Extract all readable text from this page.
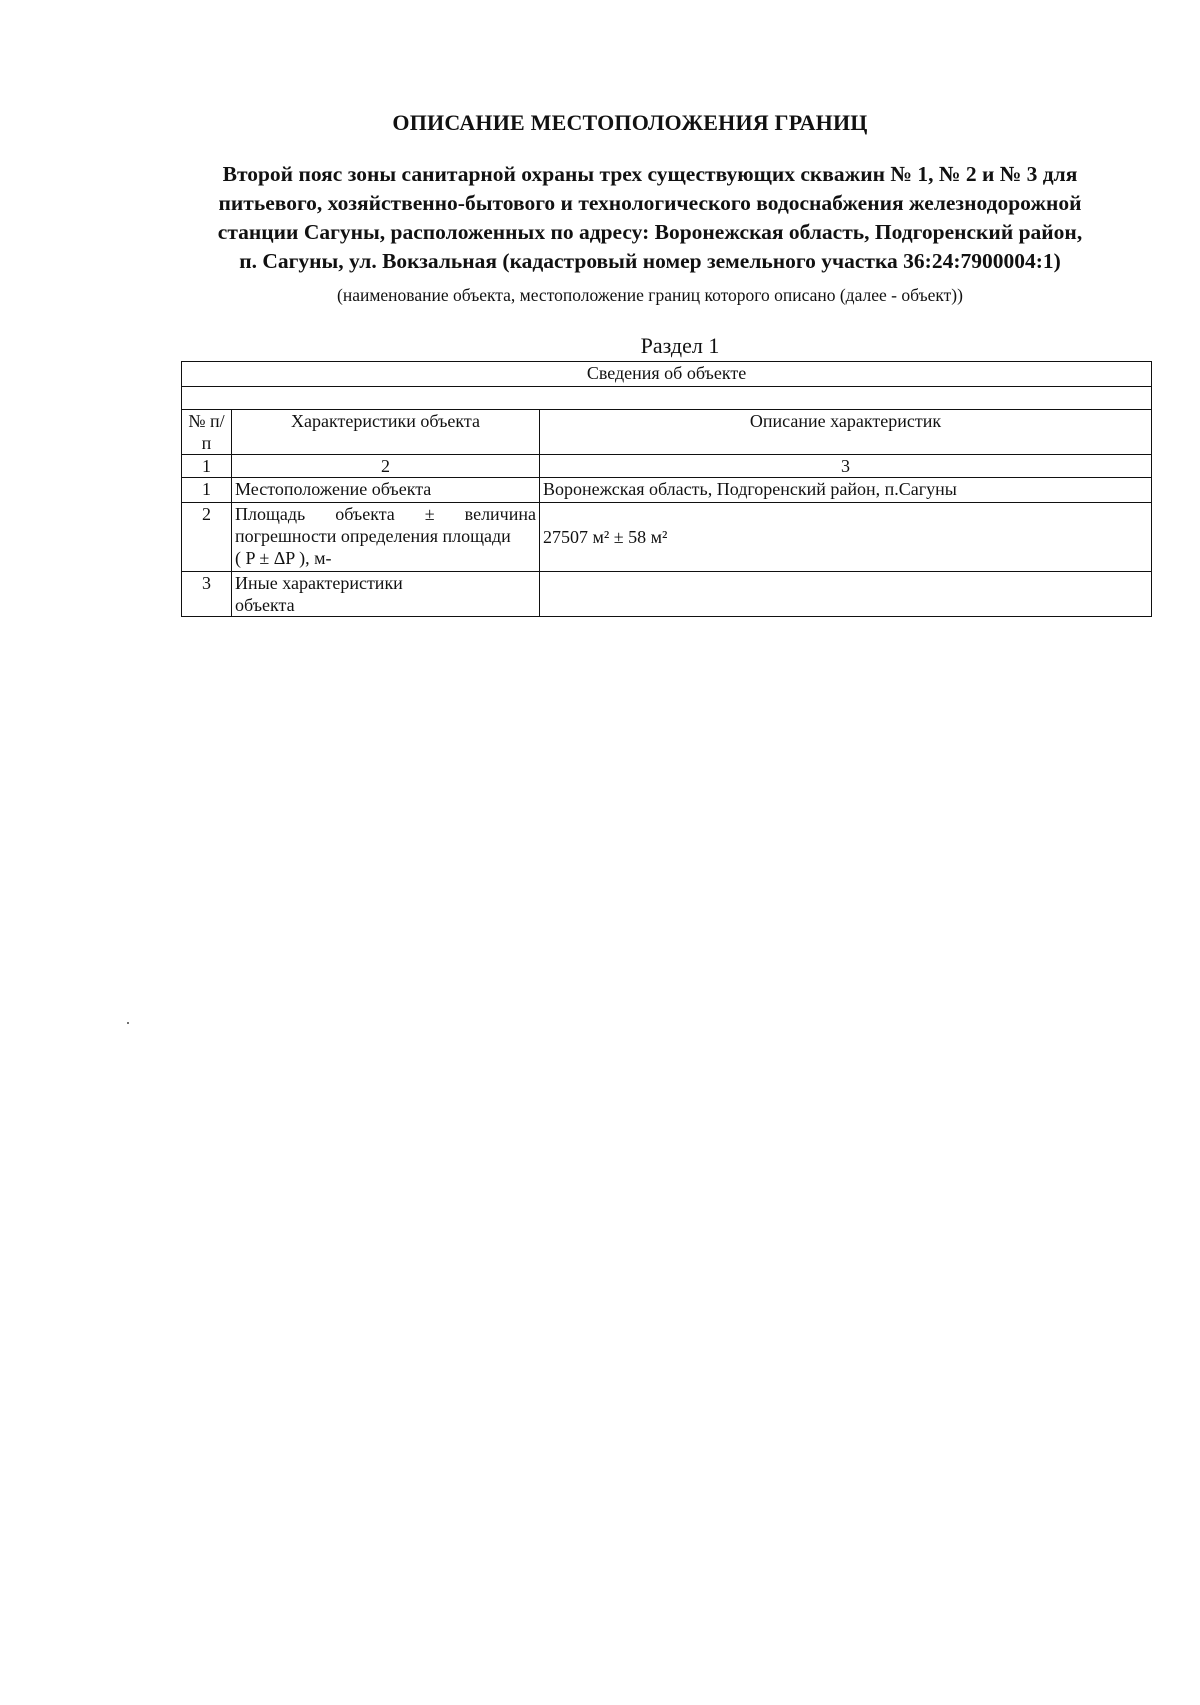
ОПИСАНИЕ МЕСТОПОЛОЖЕНИЯ ГРАНИЦ
Второй пояс зоны санитарной охраны трех существующих скважин № 1, № 2 и № 3 для
питьевого, хозяйственно-бытового и технологического водоснабжения железнодорожной
станции Сагуны, расположенных по адресу: Воронежская область, Подгоренский район,
п. Сагуны, ул. Вокзальная (кадастровый номер земельного участка 36:24:7900004:1)
(наименование объекта, местоположение границ которого описано (далее - объект))
Раздел 1
Сведения об объекте		

№ п/п	Характеристики объекта	Описание характеристик
1	2	3
1	Местоположение объекта	Воронежская область, Подгоренский район, п.Сагуны
2	Площадь объекта ± величина
погрешности определения площади
( P ± ΔP ), м-	27507 м² ± 58 м²
3	Иные характеристики
объекта	
